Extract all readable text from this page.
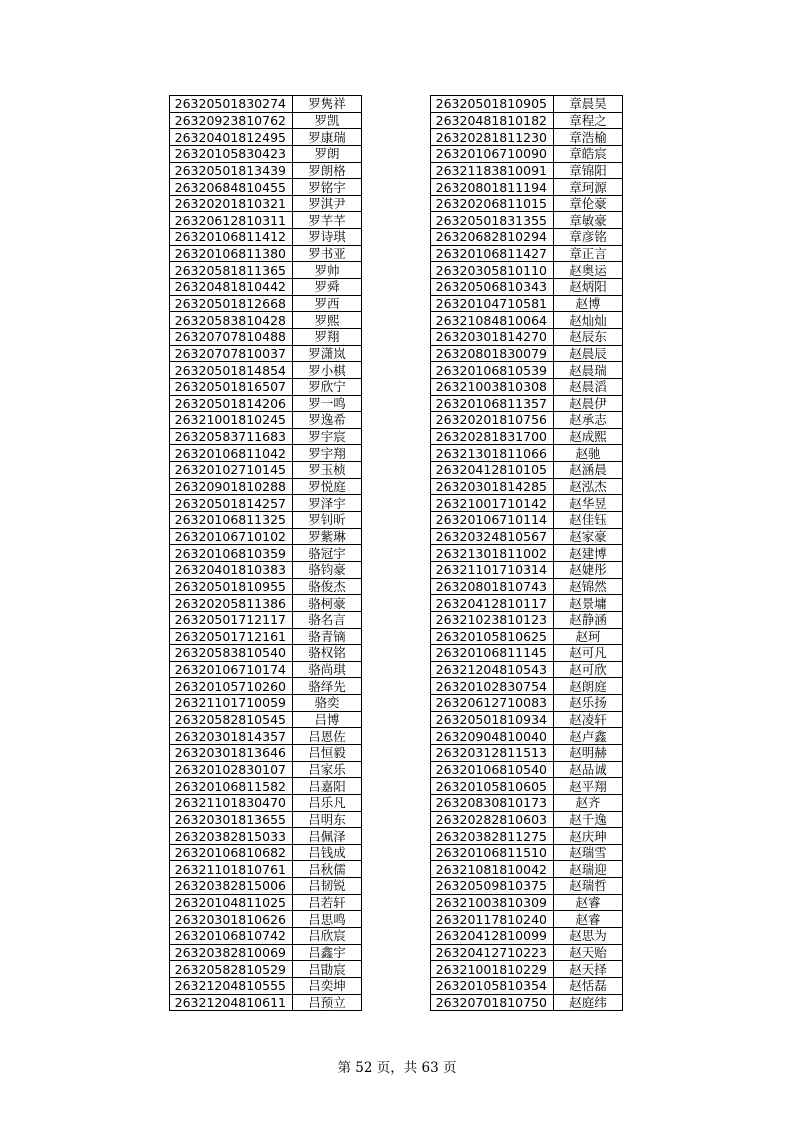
26320501830274	罗隽祥
26320923810762	罗凯
26320401812495	罗康瑞
26320105830423	罗朗
26320501813439	罗朗格
26320684810455	罗铭宇
26320201810321	罗淇尹
26320612810311	罗芊芊
26320106811412	罗诗琪
26320106811380	罗书亚
26320581811365	罗帅
26320481810442	罗舜
26320501812668	罗西
26320583810428	罗熙
26320707810488	罗翔
26320707810037	罗潇岚
26320501814854	罗小棋
26320501816507	罗欣宁
26320501814206	罗一鸣
26321001810245	罗逸希
26320583711683	罗宇宸
26320106811042	罗宇翔
26320102710145	罗玉桢
26320901810288	罗悦庭
26320501814257	罗泽宇
26320106811325	罗钊昕
26320106710102	罗紫琳
26320106810359	骆冠宇
26320401810383	骆钧豪
26320501810955	骆俊杰
26320205811386	骆柯豪
26320501712117	骆名言
26320501712161	骆青镝
26320583810540	骆权铭
26320106710174	骆尚琪
26320105710260	骆绎先
26321101710059	骆奕
26320582810545	吕博
26320301814357	吕恩佐
26320301813646	吕恒毅
26320102830107	吕家乐
26320106811582	吕嘉阳
26321101830470	吕乐凡
26320301813655	吕明东
26320382815033	吕佩泽
26320106810682	吕钱成
26321101810761	吕秋儒
26320382815006	吕韧锐
26320104811025	吕若轩
26320301810626	吕思鸣
26320106810742	吕欣宸
26320382810069	吕鑫宇
26320582810529	吕勖宸
26321204810555	吕奕坤
26321204810611	吕预立
26320501810905	章晨昊
26320481810182	章程之
26320281811230	章浩榆
26320106710090	章皓宸
26321183810091	章锦阳
26320801811194	章珂源
26320206811015	章伦豪
26320501831355	章敏豪
26320682810294	章彦铭
26320106811427	章正言
26320305810110	赵奥运
26320506810343	赵炳阳
26320104710581	赵博
26321084810064	赵灿灿
26320301814270	赵辰东
26320801830079	赵晨辰
26320106810539	赵晨瑞
26321003810308	赵晨滔
26320106811357	赵晨伊
26320201810756	赵承志
26320281831700	赵成熙
26321301811066	赵驰
26320412810105	赵涵晨
26320301814285	赵泓杰
26321001710142	赵华昱
26320106710114	赵佳钰
26320324810567	赵家豪
26321301811002	赵建博
26321101710314	赵婕彤
26320801810743	赵锦然
26320412810117	赵景墉
26321023810123	赵静涵
26320105810625	赵珂
26320106811145	赵可凡
26321204810543	赵可欣
26320102830754	赵朗庭
26320612710083	赵乐扬
26320501810934	赵凌轩
26320904810040	赵卢鑫
26320312811513	赵明赫
26320106810540	赵品诚
26320105810605	赵平翔
26320830810173	赵齐
26320282810603	赵千逸
26320382811275	赵庆珅
26320106811510	赵瑞雪
26321081810042	赵瑞迎
26320509810375	赵瑞哲
26321003810309	赵睿
26320117810240	赵睿
26320412810099	赵思为
26320412710223	赵天贻
26321001810229	赵天择
26320105810354	赵恬磊
26320701810750	赵庭纬
第 52 页，共 63 页
